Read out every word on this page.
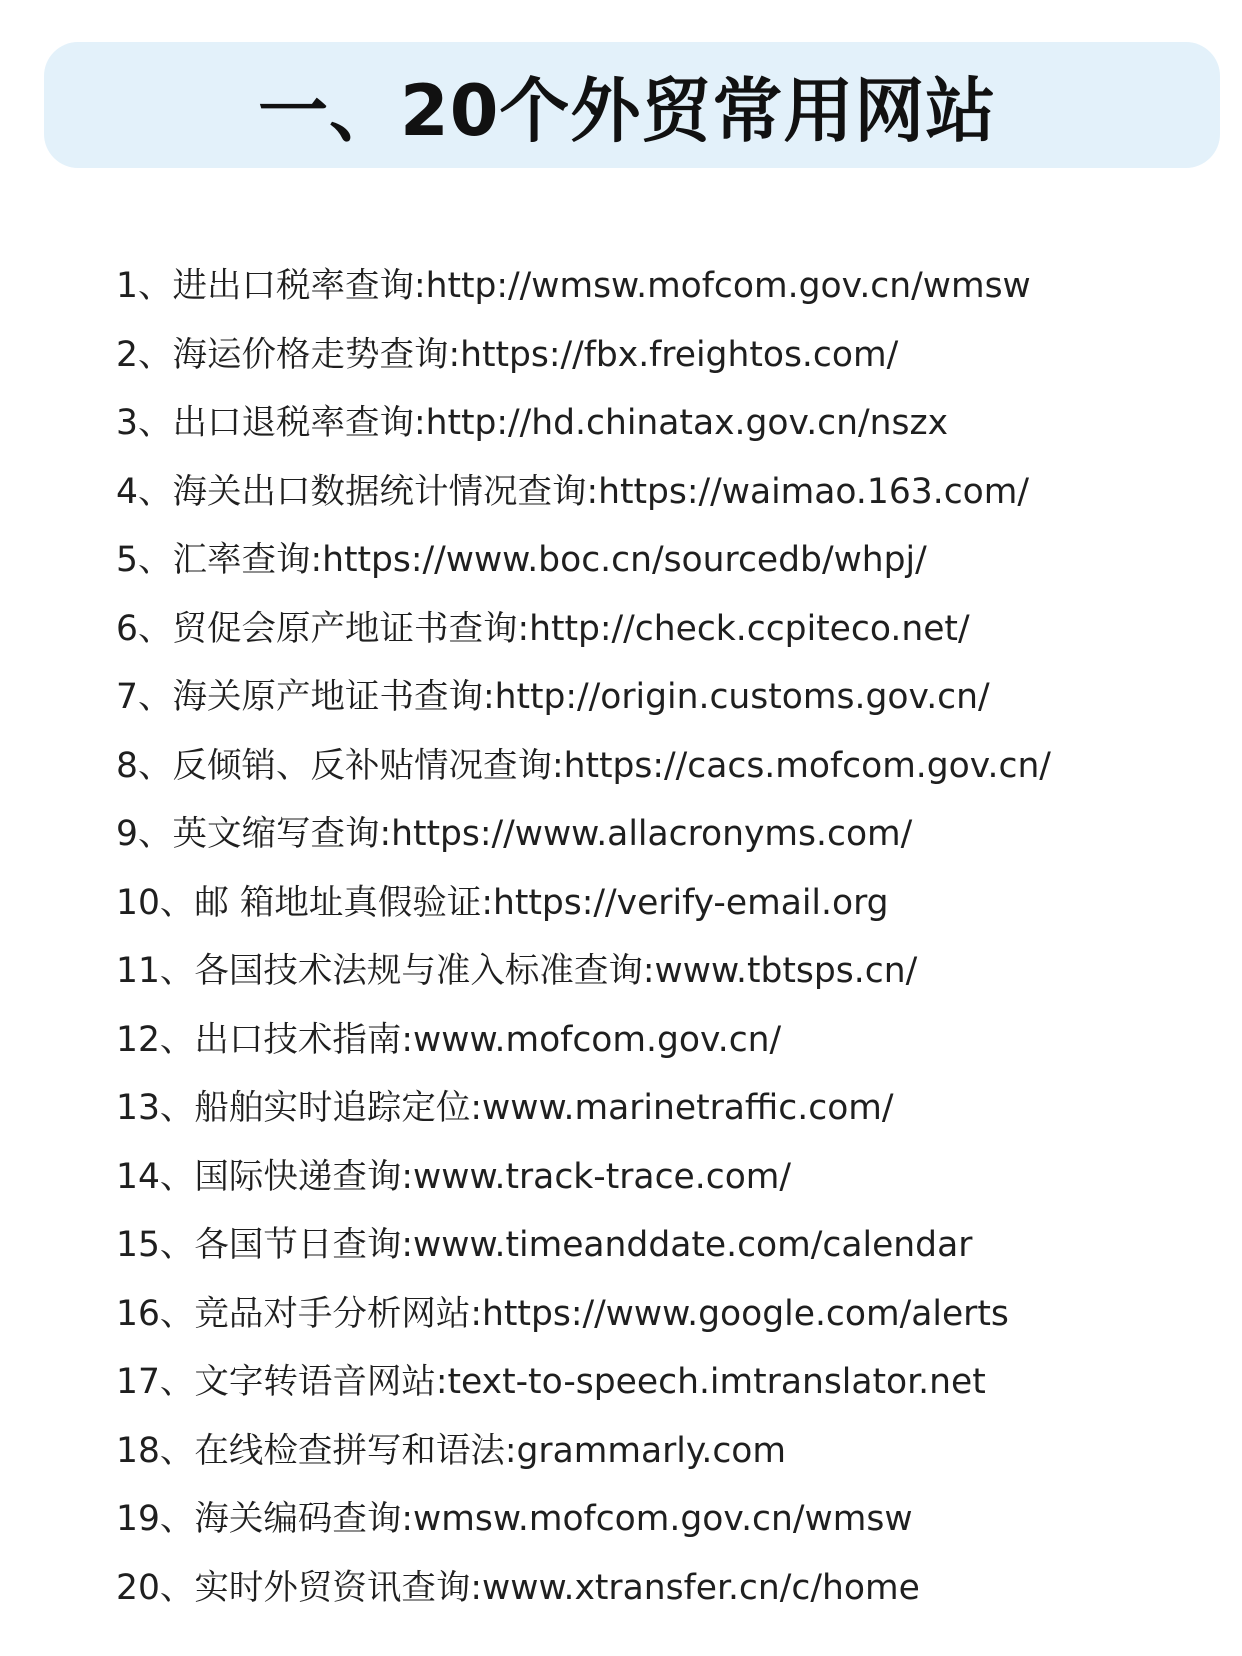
一、20个外贸常用网站
1、进出口税率查询:http://wmsw.mofcom.gov.cn/wmsw
2、海运价格走势查询:https://fbx.freightos.com/
3、出口退税率查询:http://hd.chinatax.gov.cn/nszx
4、海关出口数据统计情况查询:https://waimao.163.com/
5、汇率查询:https://www.boc.cn/sourcedb/whpj/
6、贸促会原产地证书查询:http://check.ccpiteco.net/
7、海关原产地证书查询:http://origin.customs.gov.cn/
8、反倾销、反补贴情况查询:https://cacs.mofcom.gov.cn/
9、英文缩写查询:https://www.allacronyms.com/
10、邮 箱地址真假验证:https://verify-email.org
11、各国技术法规与准入标准查询:www.tbtsps.cn/
12、出口技术指南:www.mofcom.gov.cn/
13、船舶实时追踪定位:www.marinetraffic.com/
14、国际快递查询:www.track-trace.com/
15、各国节日查询:www.timeanddate.com/calendar
16、竞品对手分析网站:https://www.google.com/alerts
17、文字转语音网站:text-to-speech.imtranslator.net
18、在线检查拼写和语法:grammarly.com
19、海关编码查询:wmsw.mofcom.gov.cn/wmsw
20、实时外贸资讯查询:www.xtransfer.cn/c/home
